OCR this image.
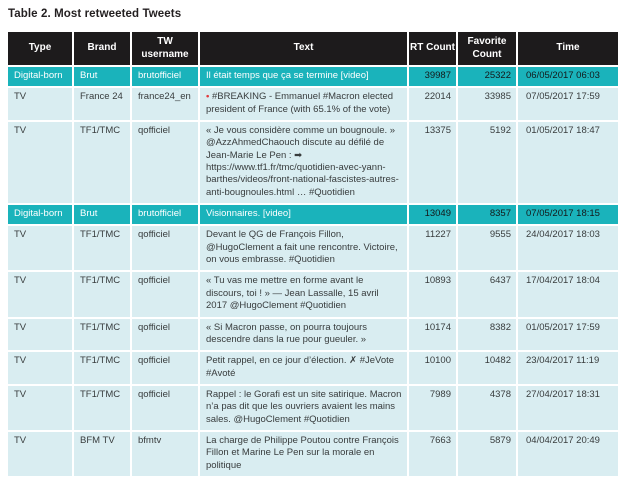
Table 2. Most retweeted Tweets
Type	Brand	TW username	Text	RT Count	Favorite Count	Time
Digital-born	Brut	brutofficiel	Il était temps que ça se termine [video]	39987	25322	06/05/2017 06:03
TV	France 24	france24_en	• #BREAKING - Emmanuel #Macron elected president of France (with 65.1% of the vote)	22014	33985	07/05/2017 17:59
TV	TF1/TMC	qofficiel	« Je vous considère comme un bougnoule. » @AzzAhmedChaouch discute au défilé de Jean-Marie Le Pen : ➡ https://www.tf1.fr/tmc/quotidien-avec-yann-barthes/videos/front-national-fascistes-autres-anti-bougnoules.html … #Quotidien	13375	5192	01/05/2017 18:47
Digital-born	Brut	brutofficiel	Visionnaires. [video]	13049	8357	07/05/2017 18:15
TV	TF1/TMC	qofficiel	Devant le QG de François Fillon, @HugoClement a fait une rencontre. Victoire, on vous embrasse. #Quotidien	11227	9555	24/04/2017 18:03
TV	TF1/TMC	qofficiel	« Tu vas me mettre en forme avant le discours, toi ! » — Jean Lassalle, 15 avril 2017 @HugoClement #Quotidien	10893	6437	17/04/2017 18:04
TV	TF1/TMC	qofficiel	« Si Macron passe, on pourra toujours descendre dans la rue pour gueuler. »	10174	8382	01/05/2017 17:59
TV	TF1/TMC	qofficiel	Petit rappel, en ce jour d’élection. ✗ #JeVote #Avoté	10100	10482	23/04/2017 11:19
TV	TF1/TMC	qofficiel	Rappel : le Gorafi est un site satirique. Macron n’a pas dit que les ouvriers avaient les mains sales. @HugoClement #Quotidien	7989	4378	27/04/2017 18:31
TV	BFM TV	bfmtv	La charge de Philippe Poutou contre François Fillon et Marine Le Pen sur la morale en politique	7663	5879	04/04/2017 20:49
